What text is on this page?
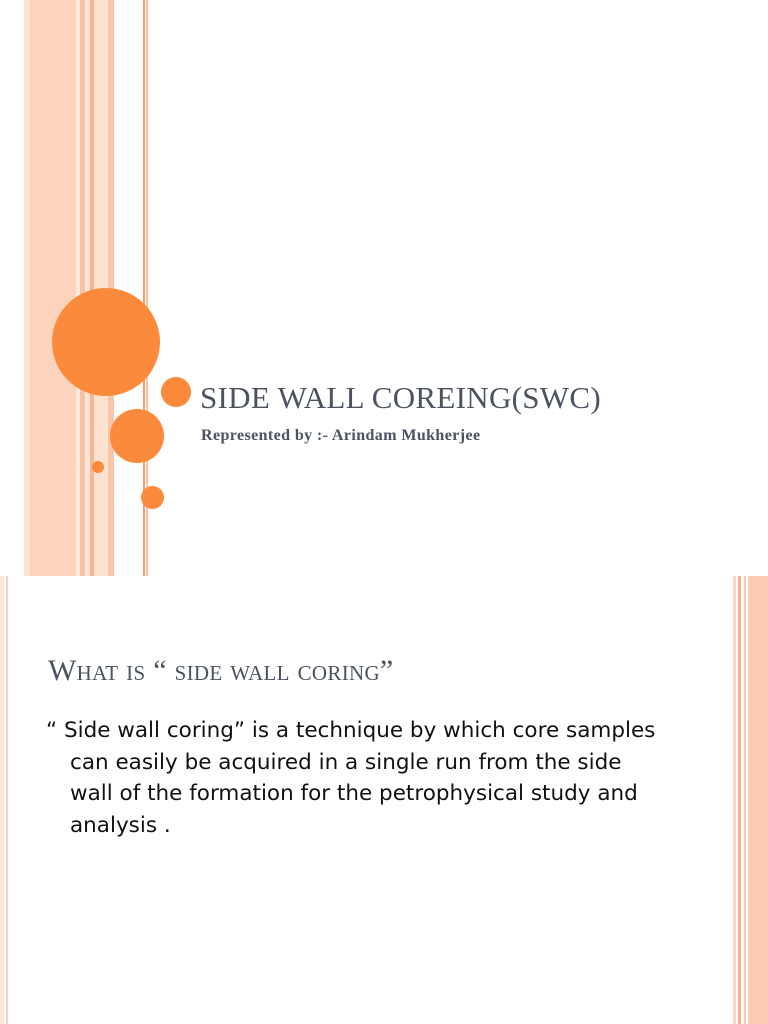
SIDE WALL COREING(SWC)
Represented by :- Arindam Mukherjee
What is “ side wall coring”
“ Side wall coring” is a technique by which core samples can easily be acquired in a single run from the side wall of the formation for the petrophysical study and analysis .
